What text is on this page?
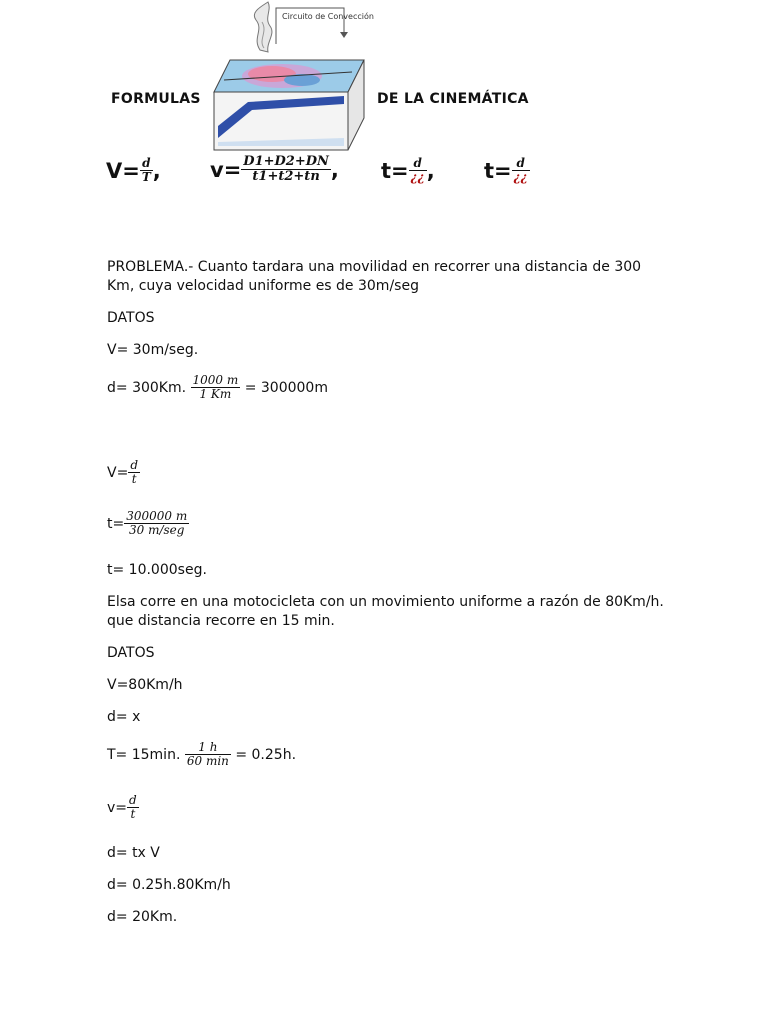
Circuito de Convección
FORMULAS	DE LA CINEMÁTICA
$V= \frac{d}{T}$ , $v= \frac{D1+D2+DN}{t1+t2+tn}$ , $t= \frac{d}{¿¿}$ , $t= \frac{d}{¿¿}$
PROBLEMA.- Cuanto tardara una movilidad en recorrer una distancia de 300 Km, cuya velocidad uniforme es de 30m/seg
DATOS
V= 30m/seg.
d= 300Km. $\frac{1000 m}{1 Km} = 300000m$
$V= \frac{d}{t}$
$t= \frac{300000 m}{\text{30 m/seg}}$
t= 10.000seg.
Elsa corre en una motocicleta con un movimiento uniforme a razón de 80Km/h. que distancia recorre en 15 min.
DATOS
V=80Km/h
d= x
T= 15min. $\frac{1 h}{60 \min} = 0.25h$.
$v= \frac{d}{t}$
d= tx V
d= 0.25h.80Km/h
d= 20Km.
